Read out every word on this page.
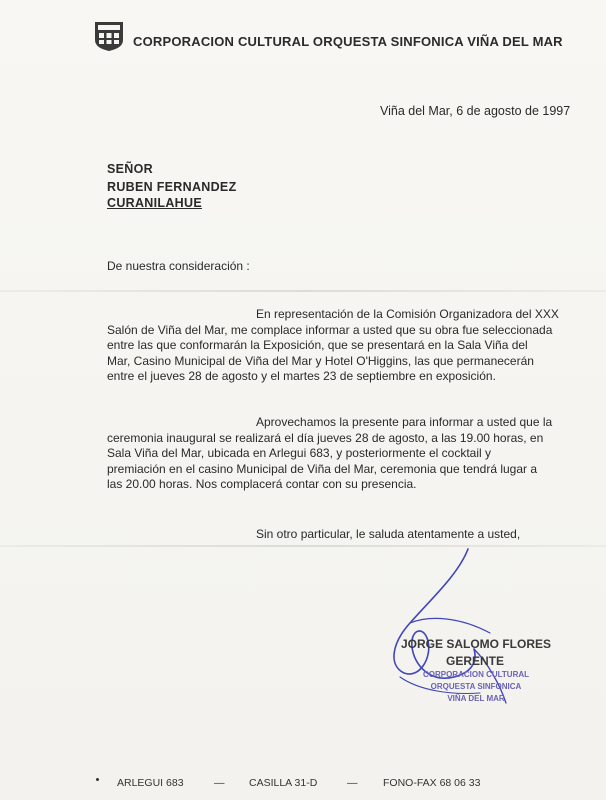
CORPORACION CULTURAL ORQUESTA SINFONICA VIÑA DEL MAR
Viña del Mar, 6 de agosto de 1997
SEÑOR
RUBEN FERNANDEZ
CURANILAHUE
De nuestra consideración :
En representación de la Comisión Organizadora del XXX
Salón de Viña del Mar, me complace informar a usted que su obra fue seleccionada
entre las que conformarán la Exposición, que se presentará en la Sala Viña del
Mar, Casino Municipal de Viña del Mar y Hotel O'Higgins, las que permanecerán
entre el jueves 28 de agosto y el martes 23 de septiembre en exposición.
Aprovechamos la presente para informar a usted que la
ceremonia inaugural se realizará el día jueves 28 de agosto, a las 19.00 horas, en
Sala Viña del Mar, ubicada en Arlegui 683, y posteriormente el cocktail y
premiación en el casino Municipal de Viña del Mar, ceremonia que tendrá lugar a
las 20.00 horas. Nos complacerá contar con su presencia.
Sin otro particular, le saluda atentamente a usted,
JORGE SALOMO FLORES
GERENTE
CORPORACION CULTURAL
ORQUESTA SINFONICA
VIÑA DEL MAR
ARLEGUI 683	— CASILLA 31-D	— FONO-FAX 68 06 33
